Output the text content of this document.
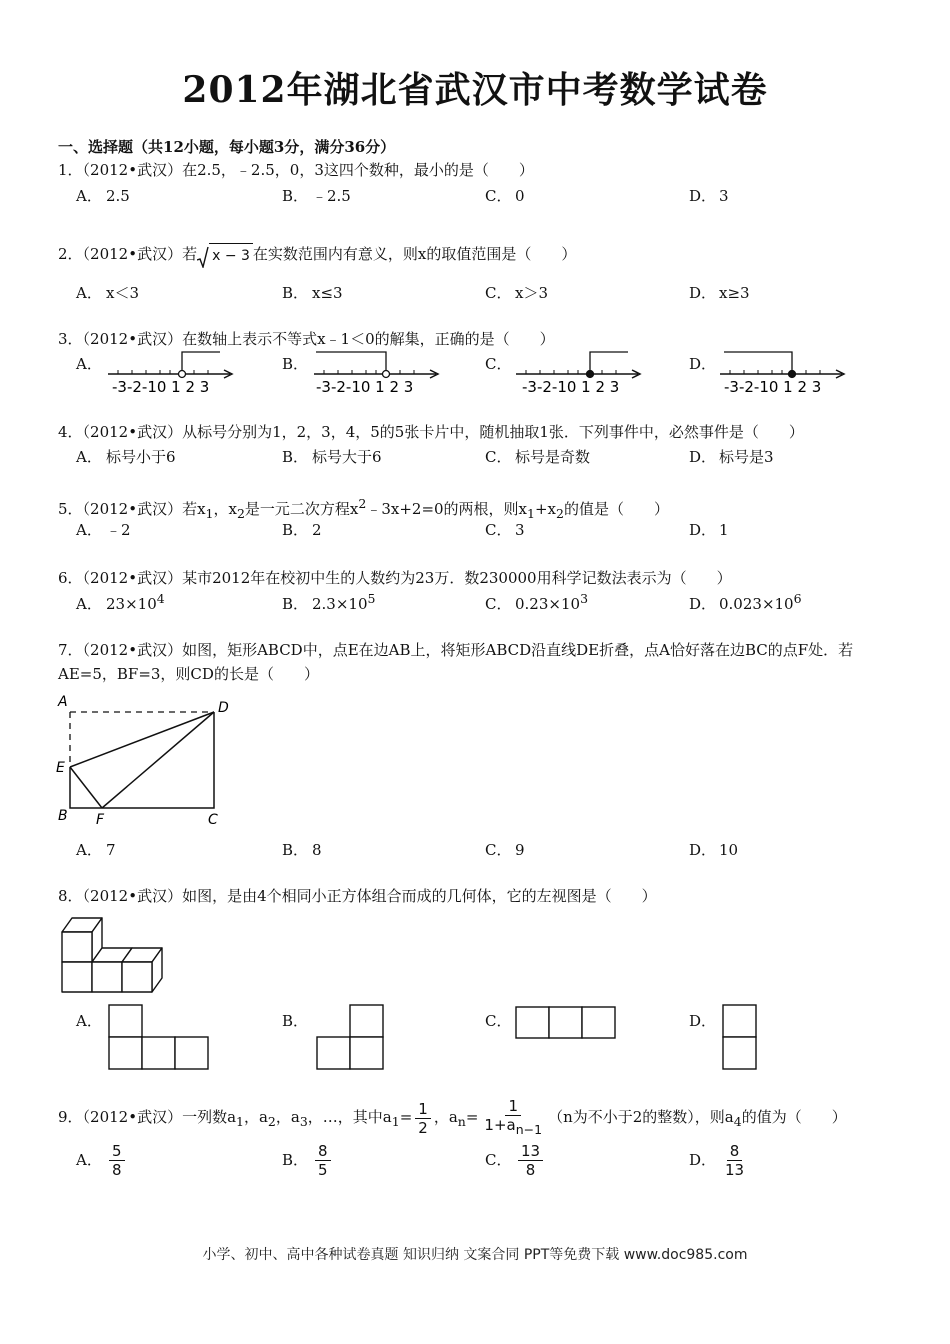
2012年湖北省武汉市中考数学试卷
一、选择题（共12小题，每小题3分，满分36分）
1．（2012•武汉）在2.5，﹣2.5，0，3这四个数种，最小的是（　　）
A． 2.5	B． ﹣2.5	C． 0	D． 3
2．（2012•武汉）若 x − 3 在实数范围内有意义，则x的取值范围是（　　）
A． x＜3	B． x≤3	C． x＞3	D． x≥3
3．（2012•武汉）在数轴上表示不等式x﹣1＜0的解集，正确的是（　　）
A．	B．	C．	D．
-3-2-10 1 2 3	-3-2-10 1 2 3	-3-2-10 1 2 3	-3-2-10 1 2 3
4．（2012•武汉）从标号分别为1，2，3，4，5的5张卡片中，随机抽取1张．下列事件中，必然事件是（　　）
A． 标号小于6	B． 标号大于6	C． 标号是奇数	D． 标号是3
5．（2012•武汉）若$x_1$，$x_2$是一元二次方程$x^2﹣3x+2=0$的两根，则$x_1+x_2$的值是（　　）
A． ﹣2	B． 2	C． 3	D． 1
6．（2012•武汉）某市2012年在校初中生的人数约为23万．数230000用科学记数法表示为（　　）
A． $23\times 10^4$	B． $2.3\times 10^5$	C． $0.23\times 10^3$	D． $0.023\times 10^6$
7．（2012•武汉）如图，矩形ABCD中，点E在边AB上，将矩形ABCD沿直线DE折叠，点A恰好落在边BC的点F处．若AE=5，BF=3，则CD的长是（　　）
A	D
E
B F	C
A． 7	B． 8	C． 9	D． 10
8．（2012•武汉）如图，是由4个相同小正方体组合而成的几何体，它的左视图是（　　）
A．	B．	C．	D．
9．（2012•武汉）一列数$a_1$，$a_2$，$a_3$，…，其中$a_1= \frac{1}{2}$ ，$a_n= \frac{1}{1+a_{n-1}} (n$为不小于2的整数），则$a_4$的值为（　　）
A． $\frac{5}{8}$	B． $\frac{8}{5}$	C． $\frac{13}{8}$	D． $\frac{8}{13}$
小学、初中、高中各种试卷真题 知识归纳 文案合同 PPT等免费下载 www.doc985.com
